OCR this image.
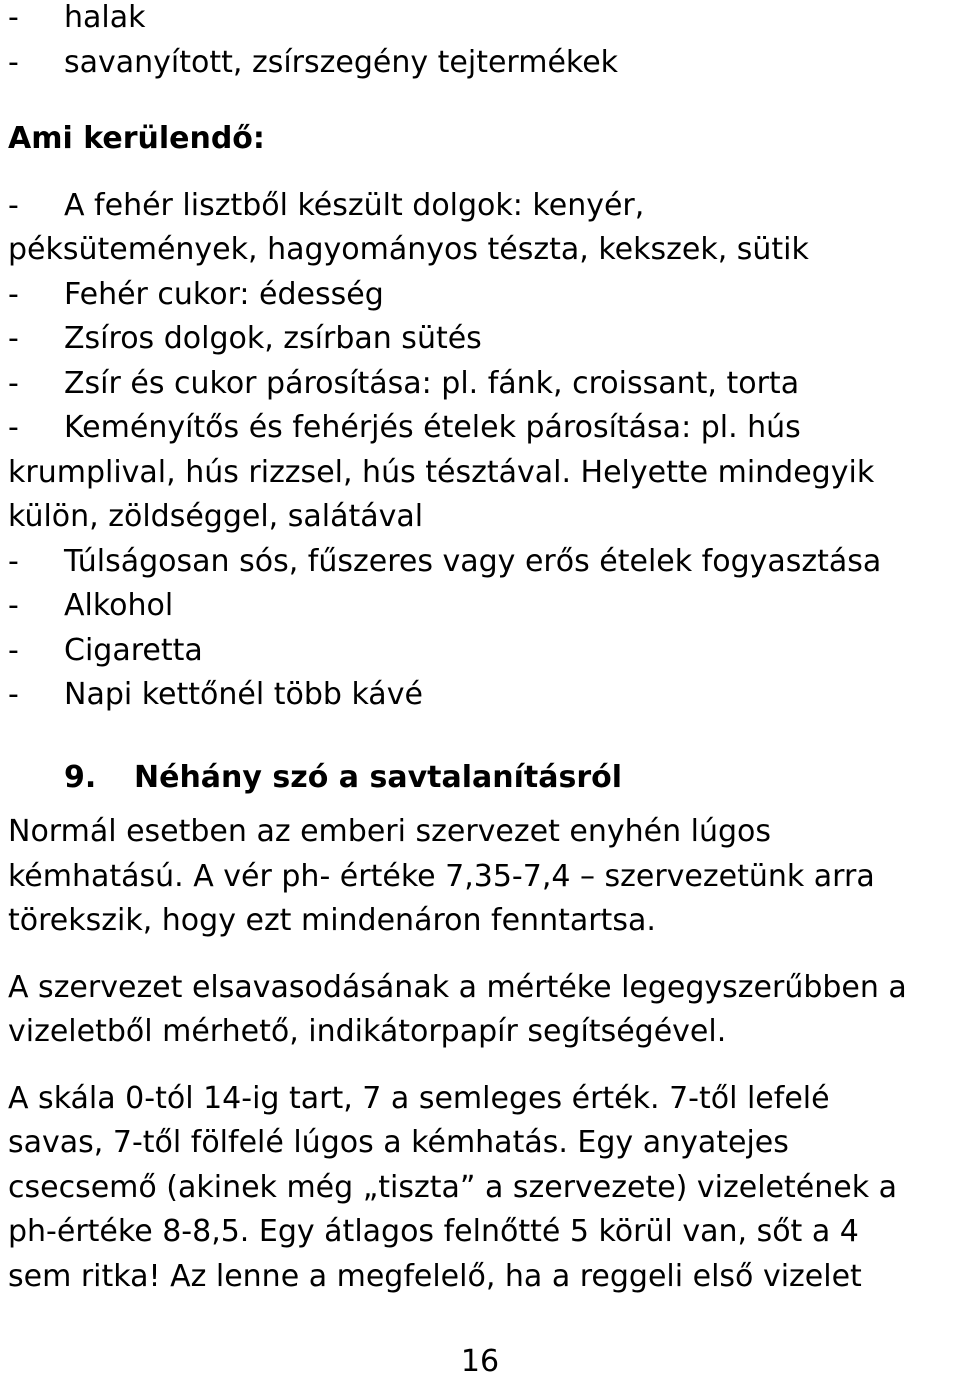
- halak
- savanyított, zsírszegény tejtermékek
Ami kerülendő:
- A fehér lisztből készült dolgok: kenyér,
péksütemények, hagyományos tészta, kekszek, sütik
- Fehér cukor: édesség
- Zsíros dolgok, zsírban sütés
- Zsír és cukor párosítása: pl. fánk, croissant, torta
- Keményítős és fehérjés ételek párosítása: pl. hús
krumplival, hús rizzsel, hús tésztával. Helyette mindegyik
külön, zöldséggel, salátával
- Túlságosan sós, fűszeres vagy erős ételek fogyasztása
- Alkohol
- Cigaretta
- Napi kettőnél több kávé
9. Néhány szó a savtalanításról
Normál esetben az emberi szervezet enyhén lúgos
kémhatású. A vér ph- értéke 7,35-7,4 – szervezetünk arra
törekszik, hogy ezt mindenáron fenntartsa.
A szervezet elsavasodásának a mértéke legegyszerűbben a
vizeletből mérhető, indikátorpapír segítségével.
A skála 0-tól 14-ig tart, 7 a semleges érték. 7-től lefelé
savas, 7-től fölfelé lúgos a kémhatás. Egy anyatejes
csecsemő (akinek még „tiszta” a szervezete) vizeletének a
ph-értéke 8-8,5. Egy átlagos felnőtté 5 körül van, sőt a 4
sem ritka! Az lenne a megfelelő, ha a reggeli első vizelet
16
